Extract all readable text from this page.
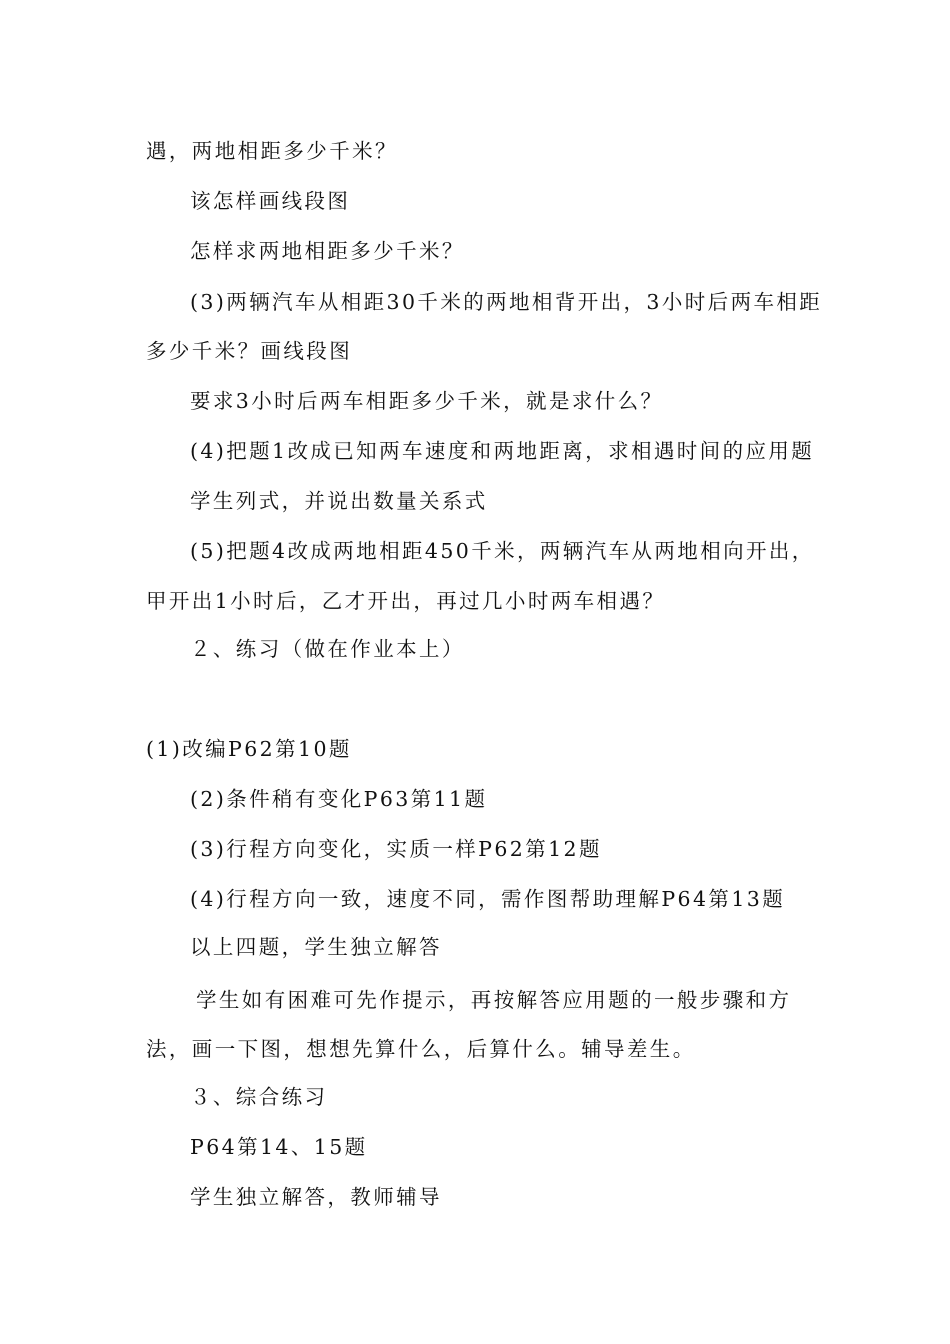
遇，两地相距多少千米？
该怎样画线段图
怎样求两地相距多少千米？
(3)两辆汽车从相距30千米的两地相背开出，3小时后两车相距
多少千米？画线段图
要求3小时后两车相距多少千米，就是求什么？
(4)把题1改成已知两车速度和两地距离，求相遇时间的应用题
学生列式，并说出数量关系式
(5)把题4改成两地相距450千米，两辆汽车从两地相向开出，
甲开出1小时后，乙才开出，再过几小时两车相遇？
２、练习（做在作业本上）
(1)改编P62第10题
(2)条件稍有变化P63第11题
(3)行程方向变化，实质一样P62第12题
(4)行程方向一致，速度不同，需作图帮助理解P64第13题
以上四题，学生独立解答
学生如有困难可先作提示，再按解答应用题的一般步骤和方
法，画一下图，想想先算什么，后算什么。辅导差生。
３、综合练习
P64第14、15题
学生独立解答，教师辅导
